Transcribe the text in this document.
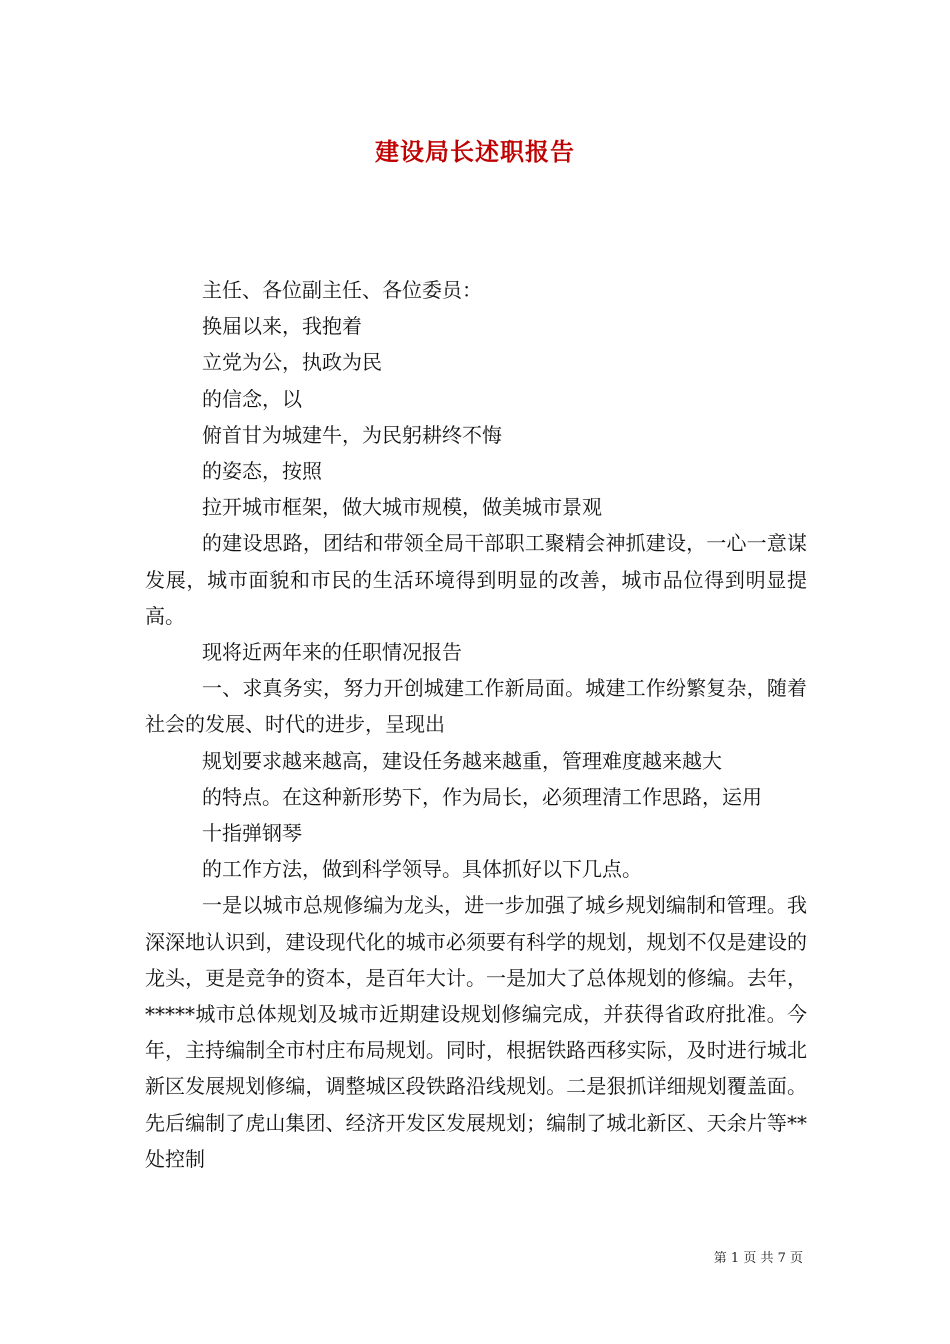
建设局长述职报告

主任、各位副主任、各位委员：

换届以来，我抱着

立党为公，执政为民

的信念，以

俯首甘为城建牛，为民躬耕终不悔

的姿态，按照

拉开城市框架，做大城市规模，做美城市景观

的建设思路，团结和带领全局干部职工聚精会神抓建设，一心一意谋发展，城市面貌和市民的生活环境得到明显的改善，城市品位得到明显提高。

现将近两年来的任职情况报告

一、求真务实，努力开创城建工作新局面。城建工作纷繁复杂，随着社会的发展、时代的进步，呈现出

规划要求越来越高，建设任务越来越重，管理难度越来越大

的特点。在这种新形势下，作为局长，必须理清工作思路，运用

十指弹钢琴

的工作方法，做到科学领导。具体抓好以下几点。

一是以城市总规修编为龙头，进一步加强了城乡规划编制和管理。我深深地认识到，建设现代化的城市必须要有科学的规划，规划不仅是建设的龙头，更是竞争的资本，是百年大计。一是加大了总体规划的修编。去年，*****城市总体规划及城市近期建设规划修编完成，并获得省政府批准。今年，主持编制全市村庄布局规划。同时，根据铁路西移实际，及时进行城北新区发展规划修编，调整城区段铁路沿线规划。二是狠抓详细规划覆盖面。先后编制了虎山集团、经济开发区发展规划；编制了城北新区、天余片等**处控制

第 1 页 共 7 页
